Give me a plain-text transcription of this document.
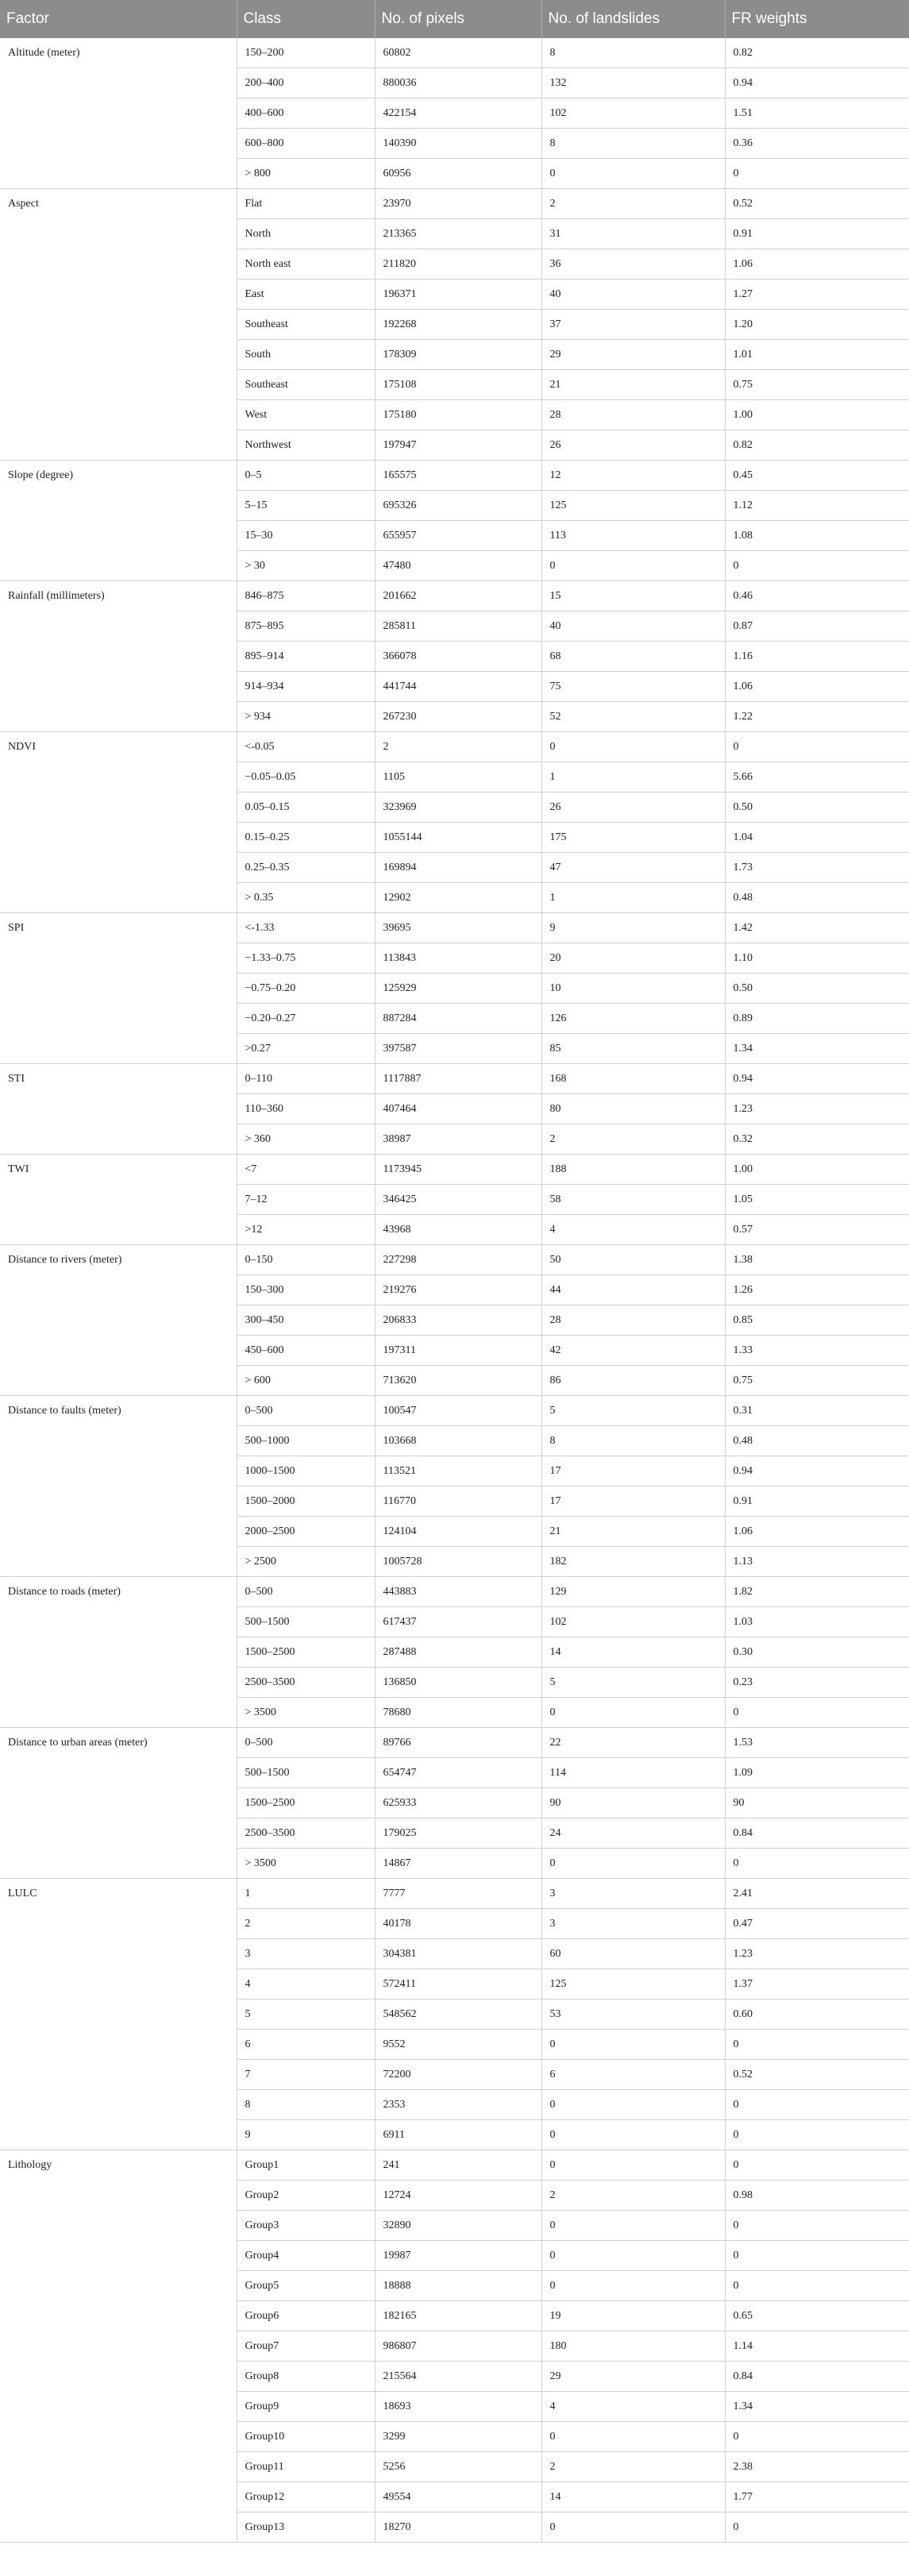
Factor	Class	No. of pixels	No. of landslides	FR weights
Altitude (meter)	150–200	60802	8	0.82
	200–400	880036	132	0.94
	400–600	422154	102	1.51
	600–800	140390	8	0.36
	> 800	60956	0	0
Aspect	Flat	23970	2	0.52
	North	213365	31	0.91
	North east	211820	36	1.06
	East	196371	40	1.27
	Southeast	192268	37	1.20
	South	178309	29	1.01
	Southeast	175108	21	0.75
	West	175180	28	1.00
	Northwest	197947	26	0.82
Slope (degree)	0–5	165575	12	0.45
	5–15	695326	125	1.12
	15–30	655957	113	1.08
	> 30	47480	0	0
Rainfall (millimeters)	846–875	201662	15	0.46
	875–895	285811	40	0.87
	895–914	366078	68	1.16
	914–934	441744	75	1.06
	> 934	267230	52	1.22
NDVI	<-0.05	2	0	0
	−0.05–0.05	1105	1	5.66
	0.05–0.15	323969	26	0.50
	0.15–0.25	1055144	175	1.04
	0.25–0.35	169894	47	1.73
	> 0.35	12902	1	0.48
SPI	<-1.33	39695	9	1.42
	−1.33–0.75	113843	20	1.10
	−0.75–0.20	125929	10	0.50
	−0.20–0.27	887284	126	0.89
	>0.27	397587	85	1.34
STI	0–110	1117887	168	0.94
	110–360	407464	80	1.23
	> 360	38987	2	0.32
TWI	<7	1173945	188	1.00
	7–12	346425	58	1.05
	>12	43968	4	0.57
Distance to rivers (meter)	0–150	227298	50	1.38
	150–300	219276	44	1.26
	300–450	206833	28	0.85
	450–600	197311	42	1.33
	> 600	713620	86	0.75
Distance to faults (meter)	0–500	100547	5	0.31
	500–1000	103668	8	0.48
	1000–1500	113521	17	0.94
	1500–2000	116770	17	0.91
	2000–2500	124104	21	1.06
	> 2500	1005728	182	1.13
Distance to roads (meter)	0–500	443883	129	1.82
	500–1500	617437	102	1.03
	1500–2500	287488	14	0.30
	2500–3500	136850	5	0.23
	> 3500	78680	0	0
Distance to urban areas (meter)	0–500	89766	22	1.53
	500–1500	654747	114	1.09
	1500–2500	625933	90	90
	2500–3500	179025	24	0.84
	> 3500	14867	0	0
LULC	1	7777	3	2.41
	2	40178	3	0.47
	3	304381	60	1.23
	4	572411	125	1.37
	5	548562	53	0.60
	6	9552	0	0
	7	72200	6	0.52
	8	2353	0	0
	9	6911	0	0
Lithology	Group1	241	0	0
	Group2	12724	2	0.98
	Group3	32890	0	0
	Group4	19987	0	0
	Group5	18888	0	0
	Group6	182165	19	0.65
	Group7	986807	180	1.14
	Group8	215564	29	0.84
	Group9	18693	4	1.34
	Group10	3299	0	0
	Group11	5256	2	2.38
	Group12	49554	14	1.77
	Group13	18270	0	0
